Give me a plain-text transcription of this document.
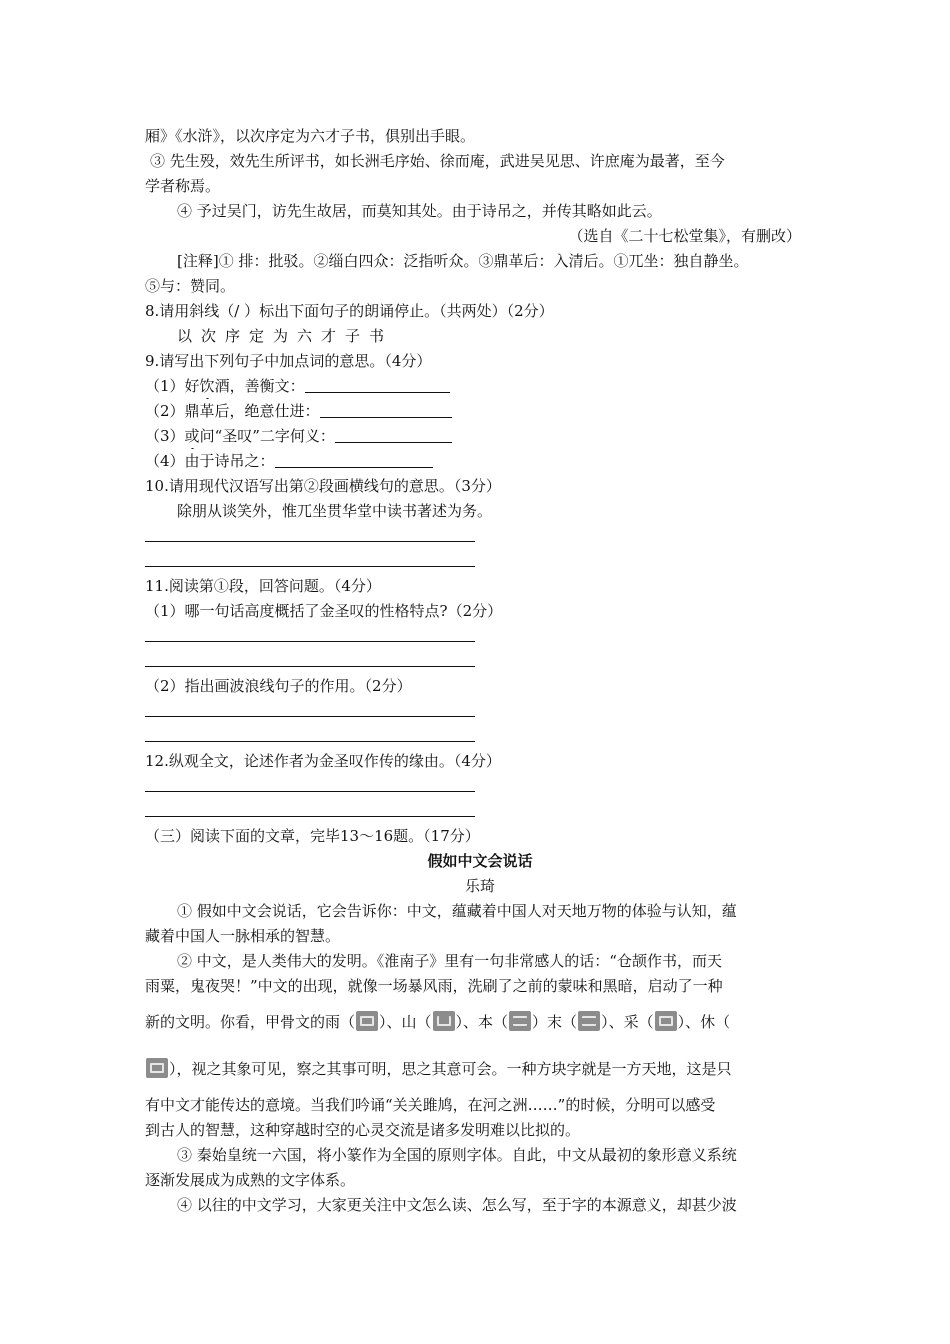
厢》《水浒》，以次序定为六才子书，俱别出手眼。
③ 先生殁，效先生所评书，如长洲毛序始、徐而庵，武进吴见思、许庶庵为最著，至今
学者称焉。
④ 予过吴门，访先生故居，而莫知其处。由于诗吊之，并传其略如此云。
（选自《二十七松堂集》，有删改）
[注释]① 排：批驳。②缁白四众：泛指听众。③鼎革后：入清后。①兀坐：独自静坐。
⑤与：赞同。
8.请用斜线（/ ）标出下面句子的朗诵停止。（共两处）（2分）
以次序定为六才子书
9.请写出下列句子中加点词的意思。（4分）
（1）好饮酒，善衡文：
（2）鼎革后，绝意仕进：
（3）或问“圣叹”二字何义：
（4）由于诗吊之：
10.请用现代汉语写出第②段画横线句的意思。（3分）
除朋从谈笑外，惟兀坐贯华堂中读书著述为务。
11.阅读第①段，回答问题。（4分）
（1）哪一句话高度概括了金圣叹的性格特点?（2分）
（2）指出画波浪线句子的作用。（2分）
12.纵观全文，论述作者为金圣叹作传的缘由。（4分）
（三）阅读下面的文章，完毕13～16题。（17分）
假如中文会说话
乐琦
① 假如中文会说话，它会告诉你：中文，蕴藏着中国人对天地万物的体验与认知，蕴
藏着中国人一脉相承的智慧。
② 中文，是人类伟大的发明。《淮南子》里有一句非常感人的话：“仓颉作书，而天
雨粟，鬼夜哭！”中文的出现，就像一场暴风雨，洗刷了之前的蒙味和黑暗，启动了一种
新的文明。你看，甲骨文的雨（ ）、山（ ）、本（ ）末（ ）、采（ ）、休（
），视之其象可见，察之其事可明，思之其意可会。一种方块字就是一方天地，这是只
有中文才能传达的意境。当我们吟诵“关关雎鸠，在河之洲……”的时候，分明可以感受
到古人的智慧，这种穿越时空的心灵交流是诸多发明难以比拟的。
③ 秦始皇统一六国，将小篆作为全国的原则字体。自此，中文从最初的象形意义系统
逐渐发展成为成熟的文字体系。
④ 以往的中文学习，大家更关注中文怎么读、怎么写，至于字的本源意义，却甚少波
